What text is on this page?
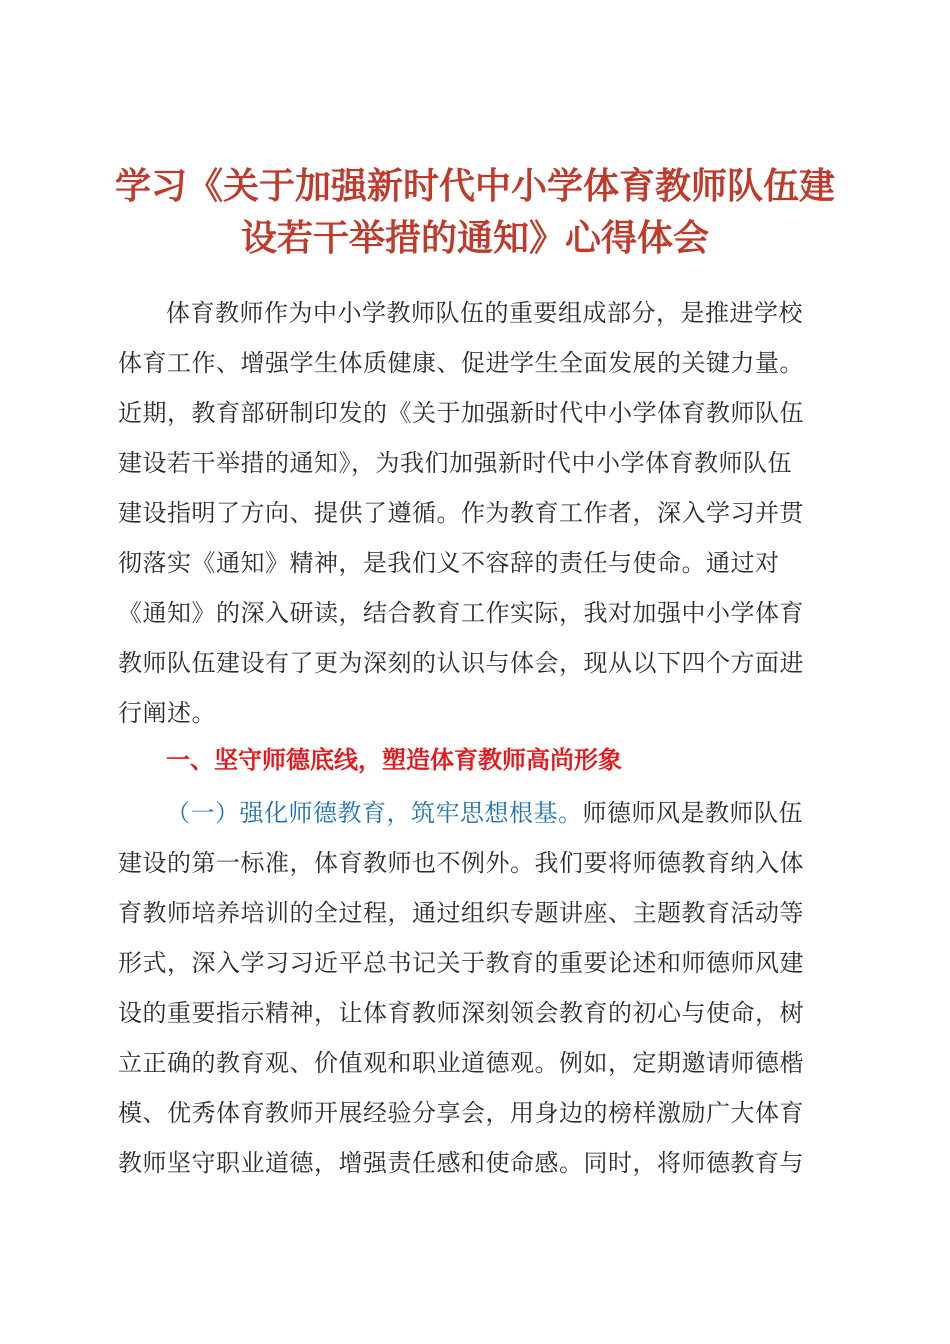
学习《关于加强新时代中小学体育教师队伍建
设若干举措的通知》心得体会
体育教师作为中小学教师队伍的重要组成部分，是推进学校
体育工作、增强学生体质健康、促进学生全面发展的关键力量。
近期，教育部研制印发的《关于加强新时代中小学体育教师队伍
建设若干举措的通知》，为我们加强新时代中小学体育教师队伍
建设指明了方向、提供了遵循。作为教育工作者，深入学习并贯
彻落实《通知》精神，是我们义不容辞的责任与使命。通过对
《通知》的深入研读，结合教育工作实际，我对加强中小学体育
教师队伍建设有了更为深刻的认识与体会，现从以下四个方面进
行阐述。
一、坚守师德底线，塑造体育教师高尚形象
（一）强化师德教育，筑牢思想根基。师德师风是教师队伍
建设的第一标准，体育教师也不例外。我们要将师德教育纳入体
育教师培养培训的全过程，通过组织专题讲座、主题教育活动等
形式，深入学习习近平总书记关于教育的重要论述和师德师风建
设的重要指示精神，让体育教师深刻领会教育的初心与使命，树
立正确的教育观、价值观和职业道德观。例如，定期邀请师德楷
模、优秀体育教师开展经验分享会，用身边的榜样激励广大体育
教师坚守职业道德，增强责任感和使命感。同时，将师德教育与
